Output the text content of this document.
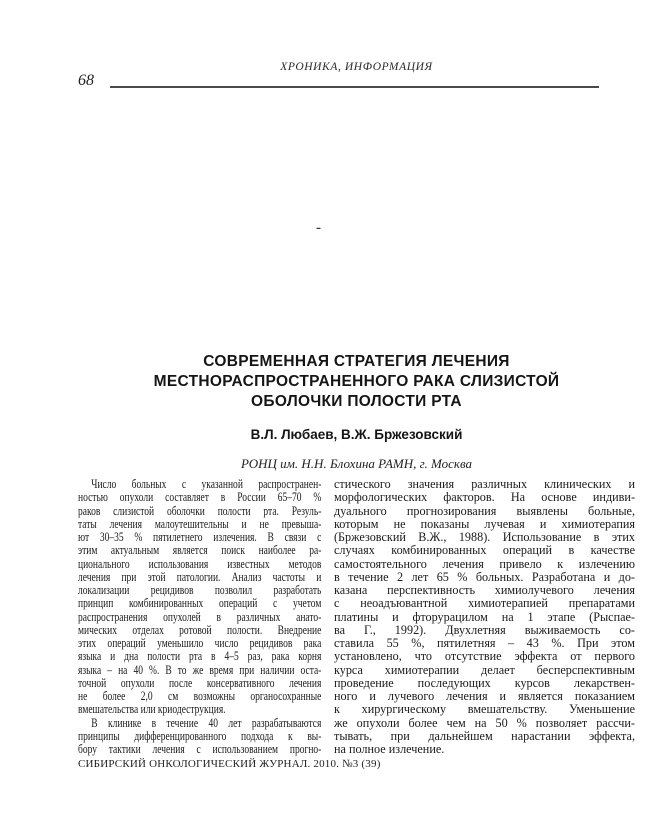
68
ХРОНИКА, ИНФОРМАЦИЯ
-
СОВРЕМЕННАЯ СТРАТЕГИЯ ЛЕЧЕНИЯ
МЕСТНОРАСПРОСТРАНЕННОГО РАКА СЛИЗИСТОЙ
ОБОЛОЧКИ ПОЛОСТИ РТА
В.Л. Любаев, В.Ж. Бржезовский
РОНЦ им. Н.Н. Блохина РАМН, г. Москва
Число больных с указанной распространен-
ностью опухоли составляет в России 65–70 %
раков слизистой оболочки полости рта. Резуль-
таты лечения малоутешительны и не превыша-
ют 30–35 % пятилетнего излечения. В связи с
этим актуальным является поиск наиболее ра-
ционального использования известных методов
лечения при этой патологии. Анализ частоты и
локализации рецидивов позволил разработать
принцип комбинированных операций с учетом
распространения опухолей в различных анато-
мических отделах ротовой полости. Внедрение
этих операций уменьшило число рецидивов рака
языка и дна полости рта в 4–5 раз, рака корня
языка – на 40 %. В то же время при наличии оста-
точной опухоли после консервативного лечения
не более 2,0 см возможны органосохранные
вмешательства или криодеструкция.
В клинике в течение 40 лет разрабатываются
принципы дифференцированного подхода к вы-
бору тактики лечения с использованием прогно-
стического значения различных клинических и
морфологических факторов. На основе индиви-
дуального прогнозирования выявлены больные,
которым не показаны лучевая и химиотерапия
(Бржезовский В.Ж., 1988). Использование в этих
случаях комбинированных операций в качестве
самостоятельного лечения привело к излечению
в течение 2 лет 65 % больных. Разработана и до-
казана перспективность химиолучевого лечения
с неоадъювантной химиотерапией препаратами
платины и фторурацилом на 1 этапе (Рыспае-
ва Г., 1992). Двухлетняя выживаемость со-
ставила 55 %, пятилетняя – 43 %. При этом
установлено, что отсутствие эффекта от первого
курса химиотерапии делает бесперспективным
проведение последующих курсов лекарствен-
ного и лучевого лечения и является показанием
к хирургическому вмешательству. Уменьшение
же опухоли более чем на 50 % позволяет рассчи-
тывать, при дальнейшем нарастании эффекта,
на полное излечение.
СИБИРСКИЙ ОНКОЛОГИЧЕСКИЙ ЖУРНАЛ. 2010. №3 (39)
